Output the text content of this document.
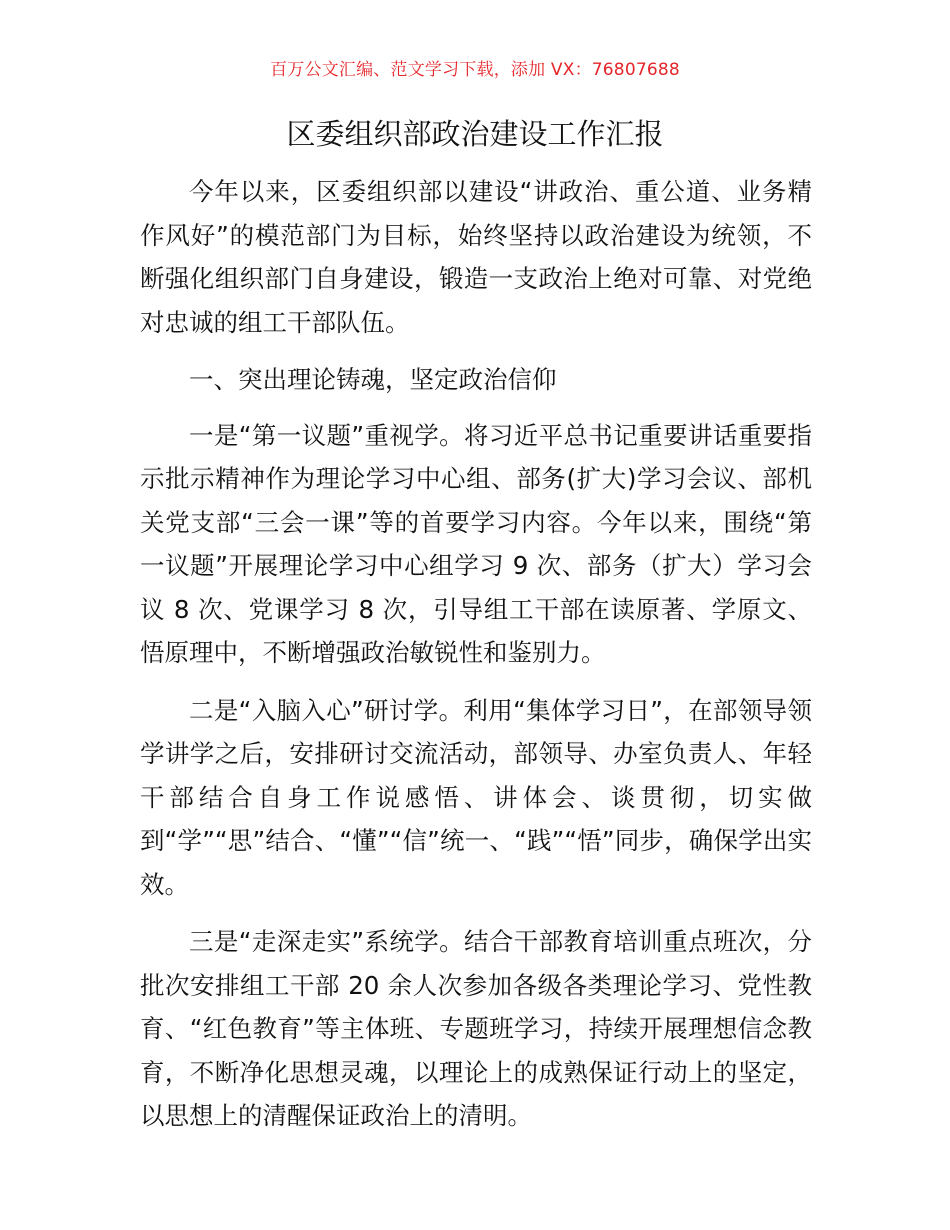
百万公文汇编、范文学习下载，添加 VX：76807688
区委组织部政治建设工作汇报

今年以来，区委组织部以建设“讲政治、重公道、业务精作风好”的模范部门为目标，始终坚持以政治建设为统领，不断强化组织部门自身建设，锻造一支政治上绝对可靠、对党绝对忠诚的组工干部队伍。

一、突出理论铸魂，坚定政治信仰

一是“第一议题”重视学。将习近平总书记重要讲话重要指示批示精神作为理论学习中心组、部务(扩大)学习会议、部机关党支部“三会一课”等的首要学习内容。今年以来，围绕“第一议题”开展理论学习中心组学习 9 次、部务（扩大）学习会议 8 次、党课学习 8 次，引导组工干部在读原著、学原文、悟原理中，不断增强政治敏锐性和鉴别力。

二是“入脑入心”研讨学。利用“集体学习日”，在部领导领学讲学之后，安排研讨交流活动，部领导、办室负责人、年轻干部结合自身工作说感悟、讲体会、谈贯彻，切实做到“学”“思”结合、“懂”“信”统一、“践”“悟”同步，确保学出实效。

三是“走深走实”系统学。结合干部教育培训重点班次，分批次安排组工干部 20 余人次参加各级各类理论学习、党性教育、“红色教育”等主体班、专题班学习，持续开展理想信念教育，不断净化思想灵魂，以理论上的成熟保证行动上的坚定，以思想上的清醒保证政治上的清明。
